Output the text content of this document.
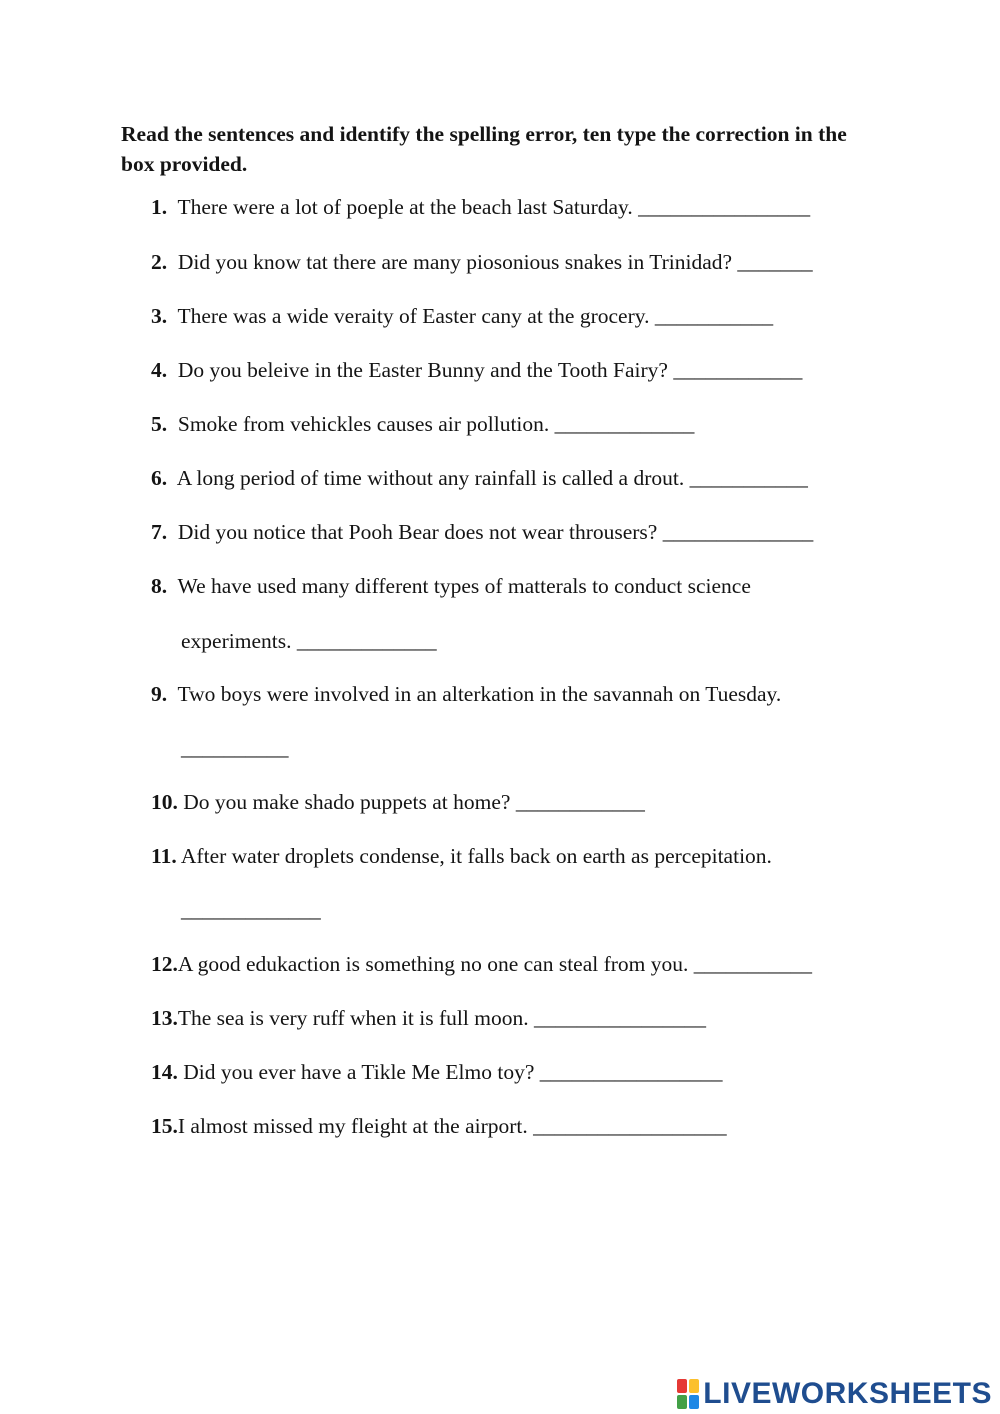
Read the sentences and identify the spelling error, ten type the correction in the box provided.

1. There were a lot of poeple at the beach last Saturday. ________________
2. Did you know tat there are many piosonious snakes in Trinidad? _______
3. There was a wide veraity of Easter cany at the grocery. ___________
4. Do you beleive in the Easter Bunny and the Tooth Fairy? ____________
5. Smoke from vehickles causes air pollution. _____________
6. A long period of time without any rainfall is called a drout. ___________
7. Did you notice that Pooh Bear does not wear throusers? ______________
8. We have used many different types of matterals to conduct science
experiments. _____________
9. Two boys were involved in an alterkation in the savannah on Tuesday.
__________
10. Do you make shado puppets at home? ____________
11. After water droplets condense, it falls back on earth as percepitation.
_____________
12.A good edukaction is something no one can steal from you. ___________
13.The sea is very ruff when it is full moon. ________________
14. Did you ever have a Tikle Me Elmo toy? _________________
15.I almost missed my fleight at the airport. __________________
LIVEWORKSHEETS
